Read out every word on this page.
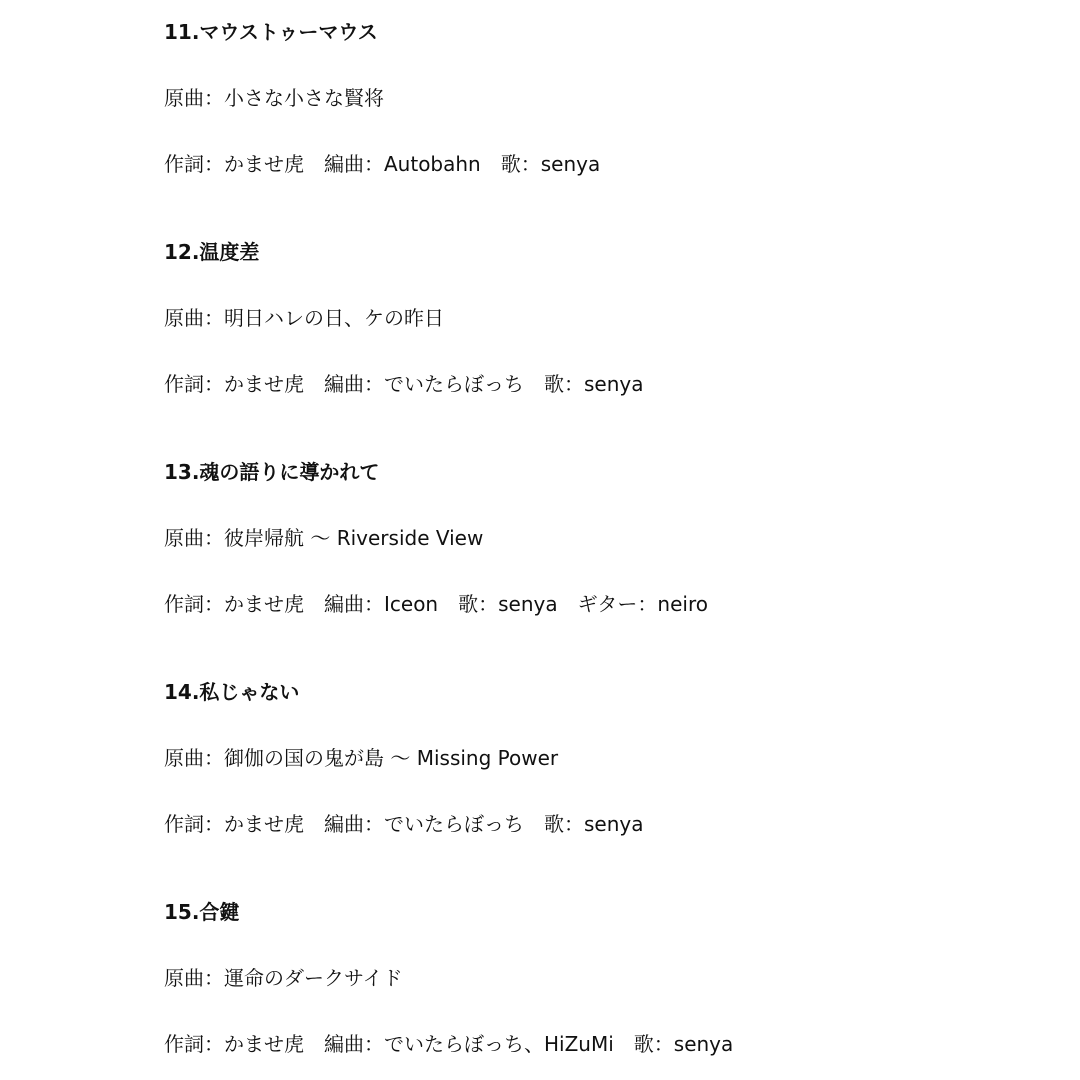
11.マウストゥーマウス
原曲：小さな小さな賢将
作詞：かませ虎　編曲：Autobahn　歌：senya
12.温度差
原曲：明日ハレの日、ケの昨日
作詞：かませ虎　編曲：でいたらぼっち　歌：senya
13.魂の語りに導かれて
原曲：彼岸帰航 ～ Riverside View
作詞：かませ虎　編曲：Iceon　歌：senya　ギター：neiro
14.私じゃない
原曲：御伽の国の鬼が島 ～ Missing Power
作詞：かませ虎　編曲：でいたらぼっち　歌：senya
15.合鍵
原曲：運命のダークサイド
作詞：かませ虎　編曲：でいたらぼっち、HiZuMi　歌：senya
